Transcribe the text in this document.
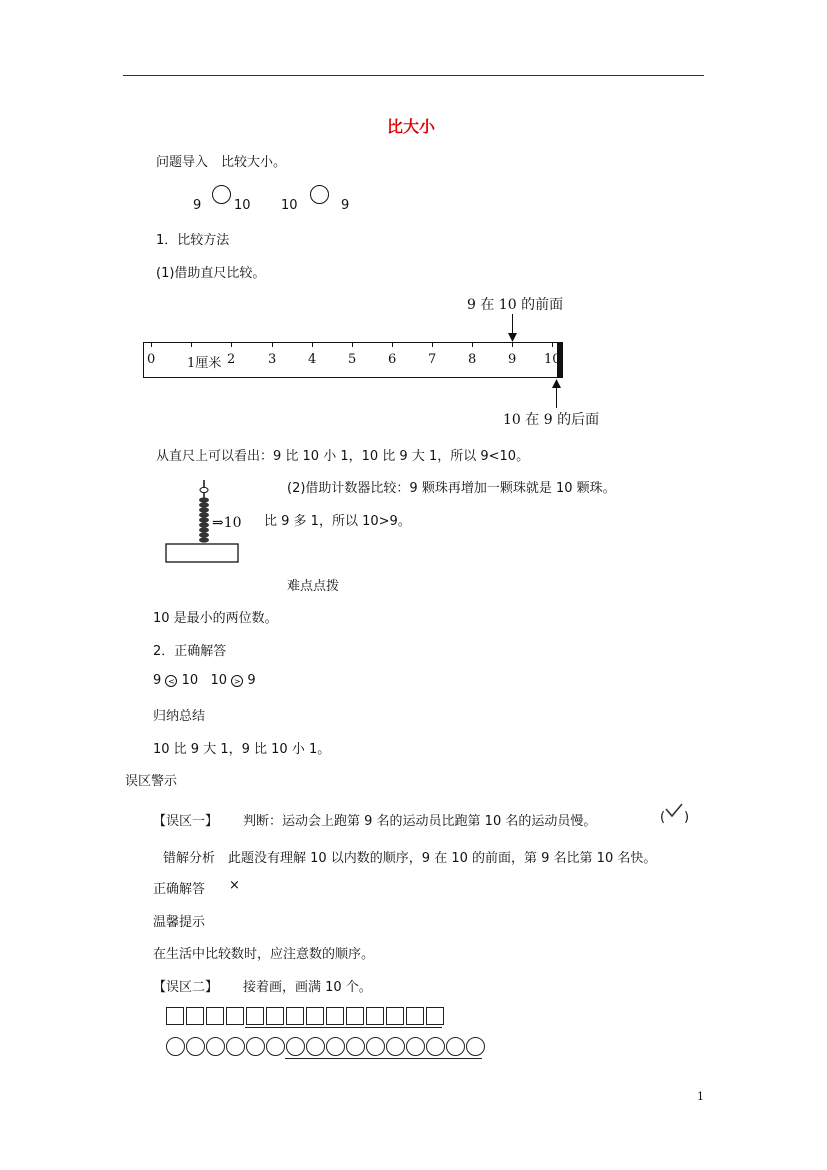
比大小
问题导入　比较大小。
9	10 10	9
1．比较方法
(1)借助直尺比较。
9 在 10 的前面
0 1厘米 2	3 4 5 6 7 8 9 10
10 在 9 的后面
从直尺上可以看出：9 比 10 小 1，10 比 9 大 1，所以 9<10。
⇒10
(2)借助计数器比较：9 颗珠再增加一颗珠就是 10 颗珠。
比 9 多 1，所以 10>9。
难点点拨
10 是最小的两位数。
2．正确解答
9 < 10 10 > 9
归纳总结
10 比 9 大 1，9 比 10 小 1。
误区警示
【误区一】 判断：运动会上跑第 9 名的运动员比跑第 10 名的运动员慢。	( )
错解分析　此题没有理解 10 以内数的顺序，9 在 10 的前面，第 9 名比第 10 名快。
正确解答 ×
温馨提示
在生活中比较数时，应注意数的顺序。
【误区二】 接着画，画满 10 个。
1
